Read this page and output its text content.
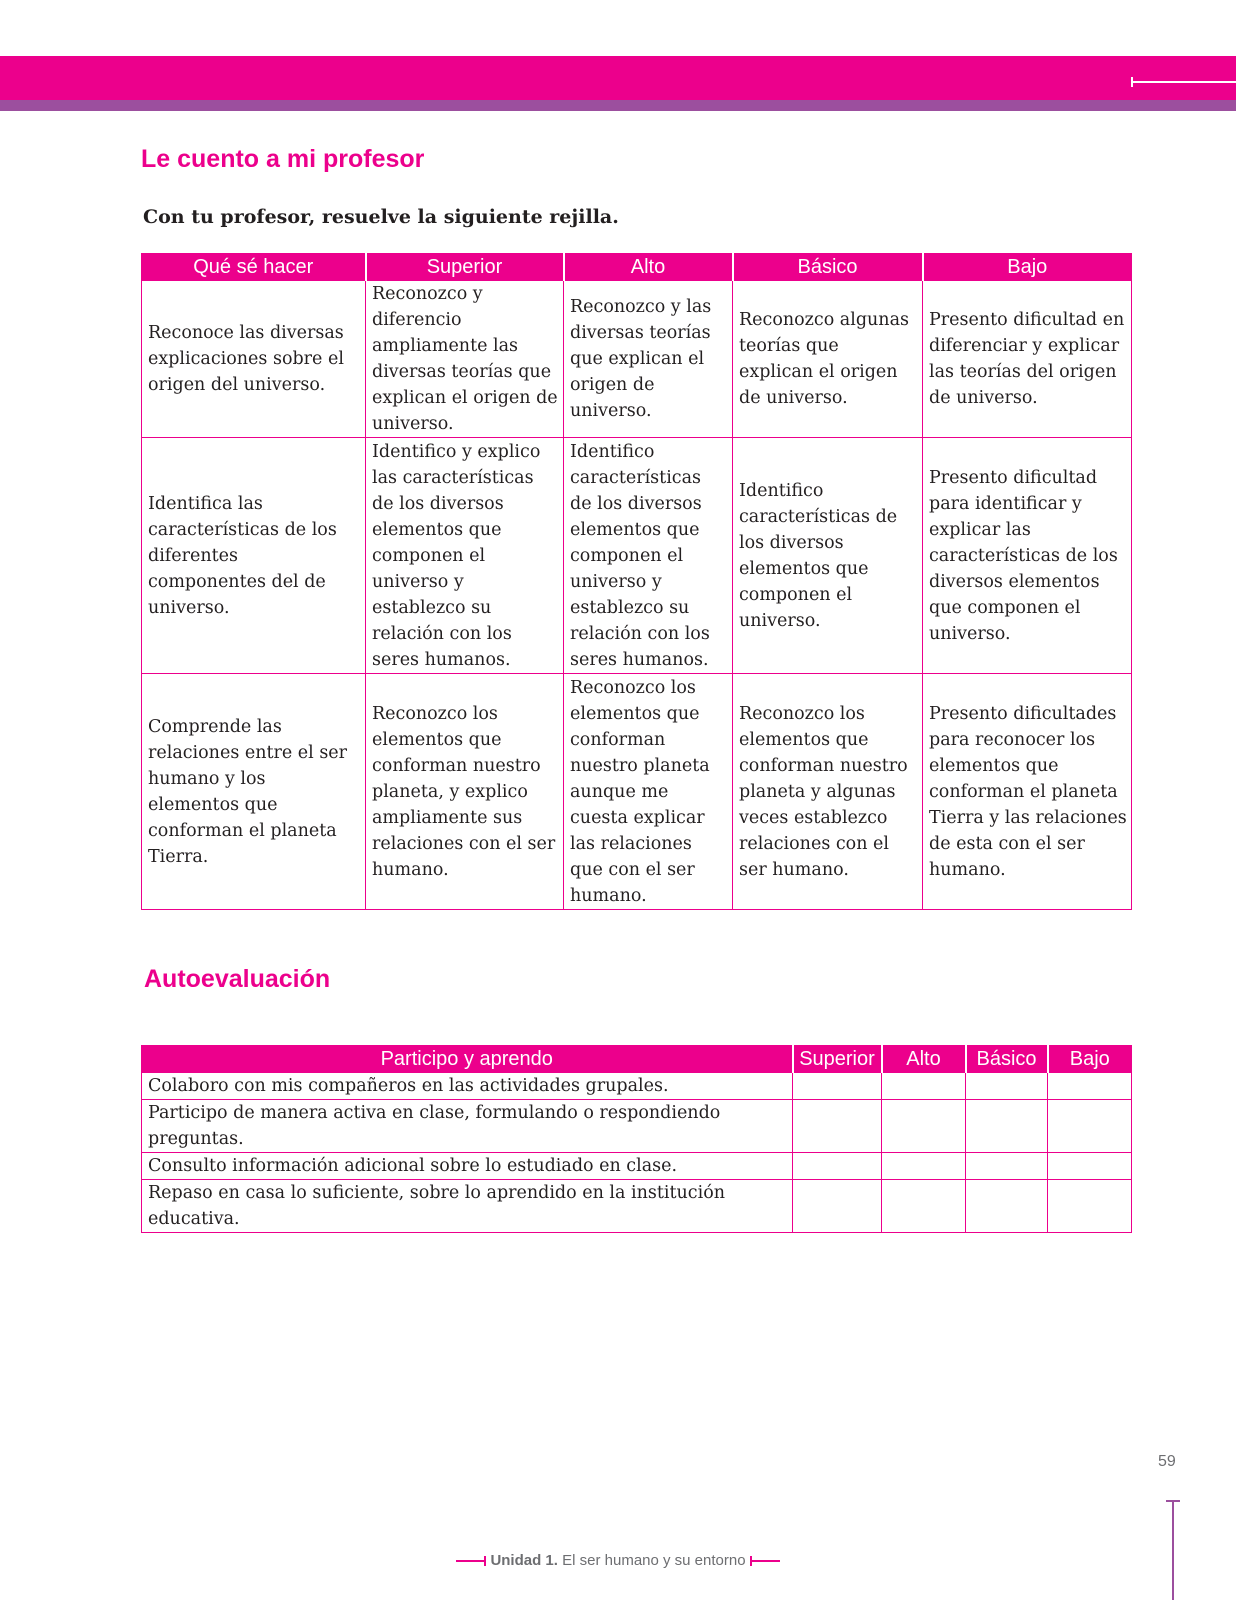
Le cuento a mi profesor

Con tu profesor, resuelve la siguiente rejilla.

Qué sé hacer	Superior	Alto	Básico	Bajo
Reconoce las diversas explicaciones sobre el origen del universo.	Reconozco y diferencio ampliamente las diversas teorías que explican el origen de universo.	Reconozco y las diversas teorías que explican el origen de universo.	Reconozco algunas teorías que explican el origen de universo.	Presento dificultad en diferenciar y explicar las teorías del origen de universo.
Identifica las características de los diferentes componentes del de universo.	Identifico y explico las características de los diversos elementos que componen el universo y establezco su relación con los seres humanos.	Identifico características de los diversos elementos que componen el universo y establezco su relación con los seres humanos.	Identifico características de los diversos elementos que componen el universo.	Presento dificultad para identificar y explicar las características de los diversos elementos que componen el universo.
Comprende las relaciones entre el ser humano y los elementos que conforman el planeta Tierra.	Reconozco los elementos que conforman nuestro planeta, y explico ampliamente sus relaciones con el ser humano.	Reconozco los elementos que conforman nuestro planeta aunque me cuesta explicar las relaciones que con el ser humano.	Reconozco los elementos que conforman nuestro planeta y algunas veces establezco relaciones con el ser humano.	Presento dificultades para reconocer los elementos que conforman el planeta Tierra y las relaciones de esta con el ser humano.
Autoevaluación
Participo y aprendo	Superior	Alto	Básico	Bajo
Colaboro con mis compañeros en las actividades grupales.				
Participo de manera activa en clase, formulando o respondiendo preguntas.				
Consulto información adicional sobre lo estudiado en clase.				
Repaso en casa lo suficiente, sobre lo aprendido en la institución educativa.				

59

Unidad 1. El ser humano y su entorno
